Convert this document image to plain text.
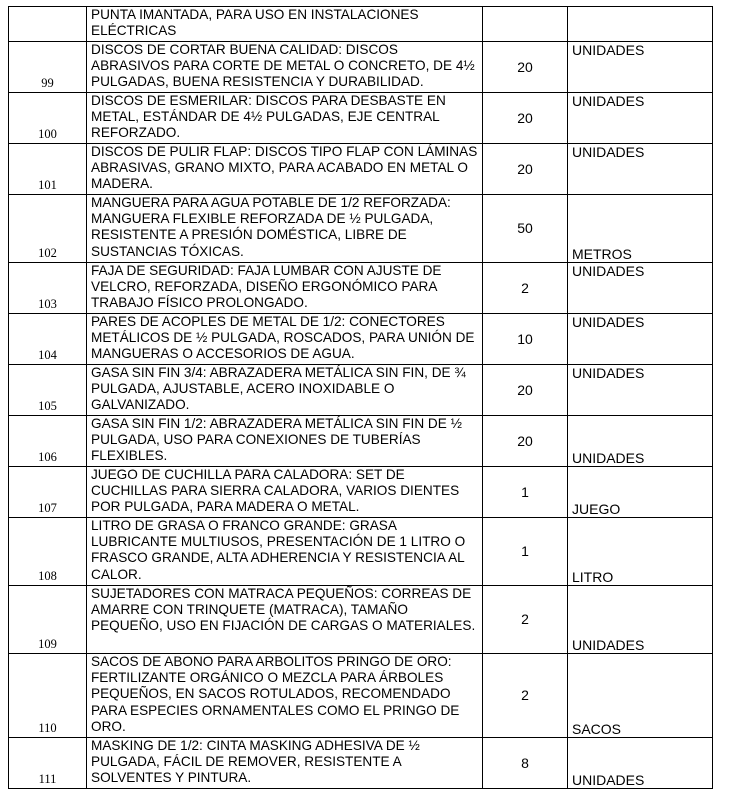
	PUNTA IMANTADA, PARA USO EN INSTALACIONES ELÉCTRICAS		
99	DISCOS DE CORTAR BUENA CALIDAD: DISCOS ABRASIVOS PARA CORTE DE METAL O CONCRETO, DE 4½ PULGADAS, BUENA RESISTENCIA Y DURABILIDAD.	20	UNIDADES
100	DISCOS DE ESMERILAR: DISCOS PARA DESBASTE EN METAL, ESTÁNDAR DE 4½ PULGADAS, EJE CENTRAL REFORZADO.	20	UNIDADES
101	DISCOS DE PULIR FLAP: DISCOS TIPO FLAP CON LÁMINAS ABRASIVAS, GRANO MIXTO, PARA ACABADO EN METAL O MADERA.	20	UNIDADES
102	MANGUERA PARA AGUA POTABLE DE 1/2 REFORZADA: MANGUERA FLEXIBLE REFORZADA DE ½ PULGADA, RESISTENTE A PRESIÓN DOMÉSTICA, LIBRE DE SUSTANCIAS TÓXICAS.	50	METROS
103	FAJA DE SEGURIDAD: FAJA LUMBAR CON AJUSTE DE VELCRO, REFORZADA, DISEÑO ERGONÓMICO PARA TRABAJO FÍSICO PROLONGADO.	2	UNIDADES
104	PARES DE ACOPLES DE METAL DE 1/2: CONECTORES METÁLICOS DE ½ PULGADA, ROSCADOS, PARA UNIÓN DE MANGUERAS O ACCESORIOS DE AGUA.	10	UNIDADES
105	GASA SIN FIN 3/4: ABRAZADERA METÁLICA SIN FIN, DE ¾ PULGADA, AJUSTABLE, ACERO INOXIDABLE O GALVANIZADO.	20	UNIDADES
106	GASA SIN FIN 1/2: ABRAZADERA METÁLICA SIN FIN DE ½ PULGADA, USO PARA CONEXIONES DE TUBERÍAS FLEXIBLES.	20	UNIDADES
107	JUEGO DE CUCHILLA PARA CALADORA: SET DE CUCHILLAS PARA SIERRA CALADORA, VARIOS DIENTES POR PULGADA, PARA MADERA O METAL.	1	JUEGO
108	LITRO DE GRASA O FRANCO GRANDE: GRASA LUBRICANTE MULTIUSOS, PRESENTACIÓN DE 1 LITRO O FRASCO GRANDE, ALTA ADHERENCIA Y RESISTENCIA AL CALOR.	1	LITRO
109	SUJETADORES CON MATRACA PEQUEÑOS: CORREAS DE AMARRE CON TRINQUETE (MATRACA), TAMAÑO PEQUEÑO, USO EN FIJACIÓN DE CARGAS O MATERIALES.	2	UNIDADES
110	SACOS DE ABONO PARA ARBOLITOS PRINGO DE ORO: FERTILIZANTE ORGÁNICO O MEZCLA PARA ÁRBOLES PEQUEÑOS, EN SACOS ROTULADOS, RECOMENDADO PARA ESPECIES ORNAMENTALES COMO EL PRINGO DE ORO.	2	SACOS
111	MASKING DE 1/2: CINTA MASKING ADHESIVA DE ½ PULGADA, FÁCIL DE REMOVER, RESISTENTE A SOLVENTES Y PINTURA.	8	UNIDADES
